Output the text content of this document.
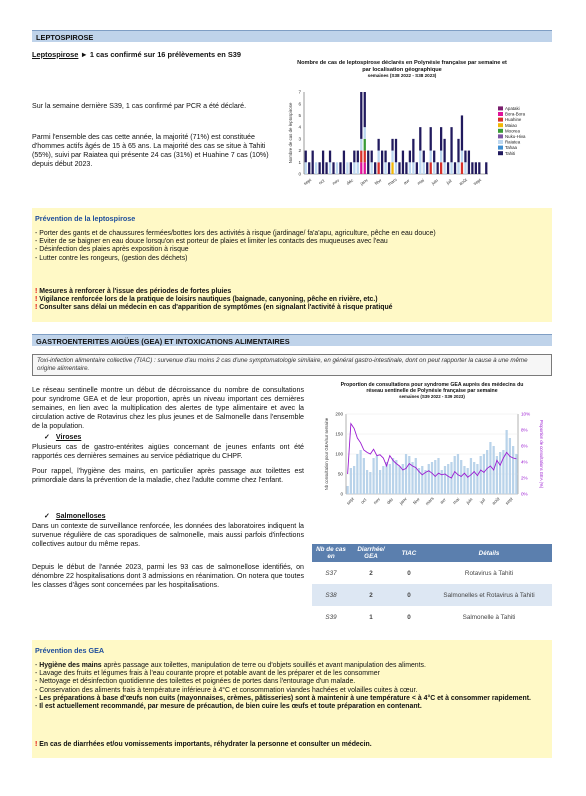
LEPTOSPIROSE
Leptospirose ► 1 cas confirmé sur 16 prélèvements en S39

Sur la semaine dernière S39, 1 cas confirmé par PCR a été déclaré.

Parmi l'ensemble des cas cette année, la majorité (71%) est constituée d'hommes actifs âgés de 15 à 65 ans. La majorité des cas se situe à Tahiti (55%), suivi par Raiatea qui présente 24 cas (31%) et Huahine 7 cas (10%) depuis début 2023.

Nombre de cas de leptospirose déclarés en Polynésie française par semaine et par localisation géographique
semaines (S38 2022 - S38 2023)
0
1
2
3
4
5
6
7
Nombre de cas de leptospirose
sept oct nov déc janv févr mars avr mai juin juil août sept
Apataki
Bora-Bora
Huahine
Maiao
Moorea
Nuku-Hiva
Raiatea
Tahaa
Tahiti
Prévention de la leptospirose
- Porter des gants et de chaussures fermées/bottes lors des activités à risque (jardinage/ fa'a'apu, agriculture, pêche en eau douce)
- Eviter de se baigner en eau douce lorsqu'on est porteur de plaies et limiter les contacts des muqueuses avec l'eau
- Désinfection des plaies après exposition à risque
- Lutter contre les rongeurs, (gestion des déchets)
! Mesures à renforcer à l'issue des périodes de fortes pluies
! Vigilance renforcée lors de la pratique de loisirs nautiques (baignade, canyoning, pêche en rivière, etc.)
! Consulter sans délai un médecin en cas d'apparition de symptômes (en signalant l'activité à risque pratiqué
GASTROENTERITES AIGÜES (GEA) ET INTOXICATIONS ALIMENTAIRES
Toxi-infection alimentaire collective (TIAC) : survenue d'au moins 2 cas d'une symptomatologie similaire, en général gastro-intestinale, dont on peut rapporter la cause à une même origine alimentaire.

Le réseau sentinelle montre un début de décroissance du nombre de consultations pour syndrome GEA et de leur proportion, après un niveau important ces dernières semaines, en lien avec la multiplication des alertes de type alimentaire et avec la circulation active de Rotavirus chez les plus jeunes et de Salmonelle dans l'ensemble de la population.

✓ Viroses

Plusieurs cas de gastro-entérites aigües concernant de jeunes enfants ont été rapportés ces dernières semaines au service pédiatrique du CHPF.

Pour rappel, l'hygiène des mains, en particulier après passage aux toilettes est primordiale dans la prévention de la maladie, chez l'adulte comme chez l'enfant.

✓ Salmonelloses

Dans un contexte de surveillance renforcée, les données des laboratoires indiquent la survenue régulière de cas sporadiques de salmonelle, mais aussi parfois d'infections collectives autour du même repas.

Depuis le début de l'année 2023, parmi les 93 cas de salmonellose identifiés, on dénombre 22 hospitalisations dont 3 admissions en réanimation. On notera que toutes les classes d'âges sont concernées par les hospitalisations.

Proportion de consultations pour syndrome GEA auprès des médecins du réseau sentinelle de Polynésie française par semaine
semaines (S39 2022 - S39 2023)
0
50
100
150
200
0%
2%
4%
6%
8%
10%
Nb consultation pour GEA/sur semaine	Proportion de consultations GEA (%)
sept oct nov déc janv févr mars avr mai juin juil août sept
Nb de cas en	Diarrhée/ GEA	TIAC	Détails
S37	2	0	Rotavirus à Tahiti
S38	2	0	Salmonelles et Rotavirus à Tahiti
S39	1	0	Salmonelle à Tahiti
Prévention des GEA
- Hygiène des mains après passage aux toilettes, manipulation de terre ou d'objets souillés et avant manipulation des aliments.
- Lavage des fruits et légumes frais à l'eau courante propre et potable avant de les préparer et de les consommer
- Nettoyage et désinfection quotidienne des toilettes et poignées de portes dans l'entourage d'un malade.
- Conservation des aliments frais à température inférieure à 4°C et consommation viandes hachées et volailles cuites à cœur.
- Les préparations à base d'œufs non cuits (mayonnaises, crèmes, pâtisseries) sont à maintenir à une température < à 4°C et à consommer rapidement.
- Il est actuellement recommandé, par mesure de précaution, de bien cuire les œufs et toute préparation en contenant.
! En cas de diarrhées et/ou vomissements importants, réhydrater la personne et consulter un médecin.
